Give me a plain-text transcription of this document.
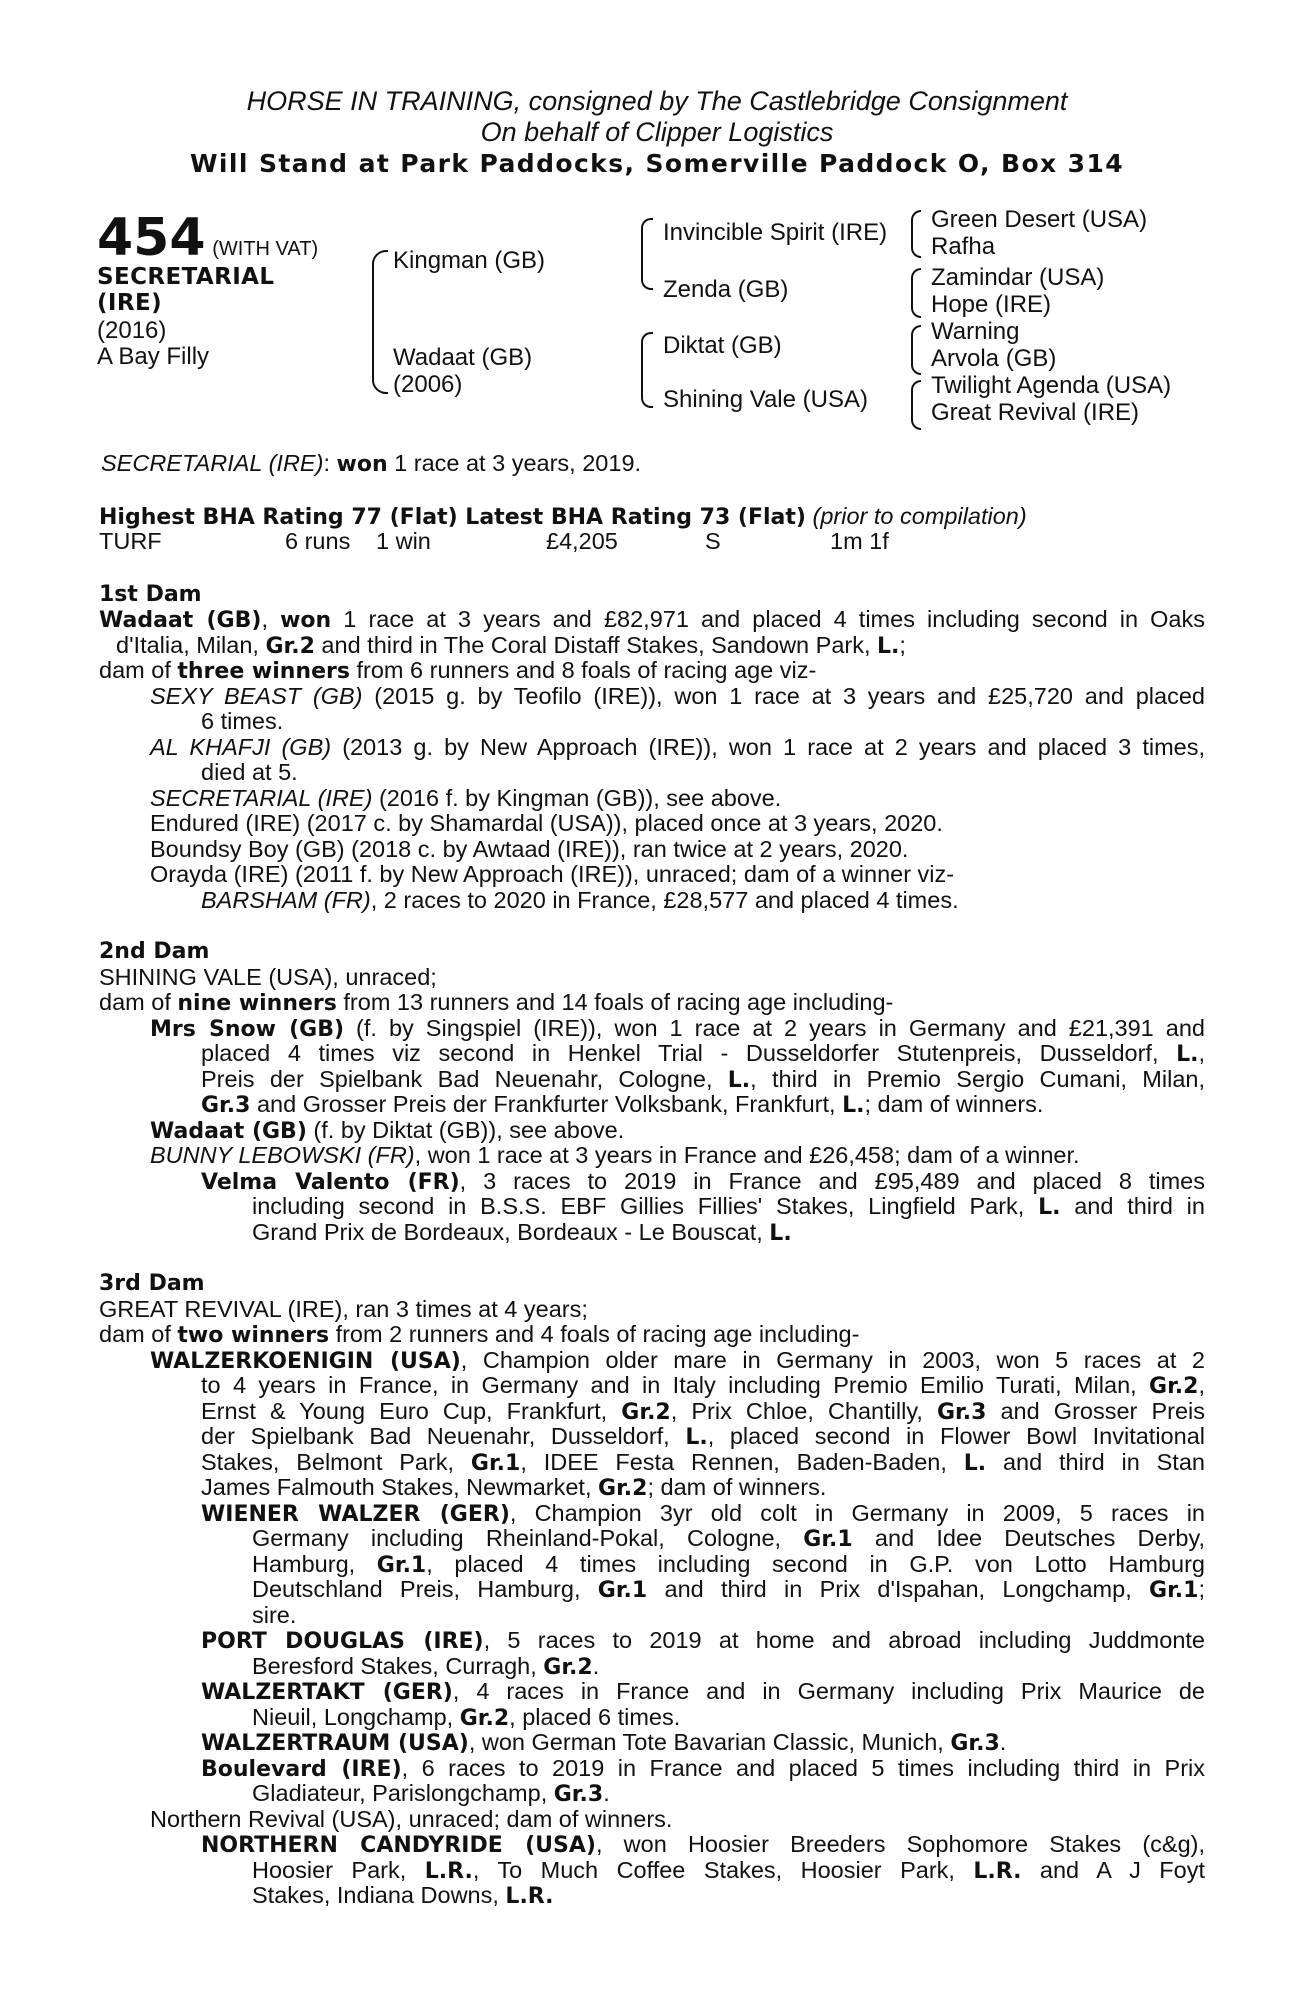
HORSE IN TRAINING, consigned by The Castlebridge Consignment
On behalf of Clipper Logistics
Will Stand at Park Paddocks, Somerville Paddock O, Box 314
454 (WITH VAT)
SECRETARIAL
(IRE)
(2016)
A Bay Filly
Kingman (GB)
Wadaat (GB)
(2006)
Invincible Spirit (IRE)
Zenda (GB)
Diktat (GB)
Shining Vale (USA)
Green Desert (USA)
Rafha
Zamindar (USA)
Hope (IRE)
Warning
Arvola (GB)
Twilight Agenda (USA)
Great Revival (IRE)
SECRETARIAL (IRE): won 1 race at 3 years, 2019.
Highest BHA Rating 77 (Flat) Latest BHA Rating 73 (Flat) (prior to compilation)
TURF	6 runs 1 win	£4,205	S	1m 1f
1st Dam
Wadaat (GB), won 1 race at 3 years and £82,971 and placed 4 times including second in Oaks
d'Italia, Milan, Gr.2 and third in The Coral Distaff Stakes, Sandown Park, L.;
dam of three winners from 6 runners and 8 foals of racing age viz-
SEXY BEAST (GB) (2015 g. by Teofilo (IRE)), won 1 race at 3 years and £25,720 and placed
6 times.
AL KHAFJI (GB) (2013 g. by New Approach (IRE)), won 1 race at 2 years and placed 3 times,
died at 5.
SECRETARIAL (IRE) (2016 f. by Kingman (GB)), see above.
Endured (IRE) (2017 c. by Shamardal (USA)), placed once at 3 years, 2020.
Boundsy Boy (GB) (2018 c. by Awtaad (IRE)), ran twice at 2 years, 2020.
Orayda (IRE) (2011 f. by New Approach (IRE)), unraced; dam of a winner viz-
BARSHAM (FR), 2 races to 2020 in France, £28,577 and placed 4 times.
2nd Dam
SHINING VALE (USA), unraced;
dam of nine winners from 13 runners and 14 foals of racing age including-
Mrs Snow (GB) (f. by Singspiel (IRE)), won 1 race at 2 years in Germany and £21,391 and
placed 4 times viz second in Henkel Trial - Dusseldorfer Stutenpreis, Dusseldorf, L.,
Preis der Spielbank Bad Neuenahr, Cologne, L., third in Premio Sergio Cumani, Milan,
Gr.3 and Grosser Preis der Frankfurter Volksbank, Frankfurt, L.; dam of winners.
Wadaat (GB) (f. by Diktat (GB)), see above.
BUNNY LEBOWSKI (FR), won 1 race at 3 years in France and £26,458; dam of a winner.
Velma Valento (FR), 3 races to 2019 in France and £95,489 and placed 8 times
including second in B.S.S. EBF Gillies Fillies' Stakes, Lingfield Park, L. and third in
Grand Prix de Bordeaux, Bordeaux - Le Bouscat, L.
3rd Dam
GREAT REVIVAL (IRE), ran 3 times at 4 years;
dam of two winners from 2 runners and 4 foals of racing age including-
WALZERKOENIGIN (USA), Champion older mare in Germany in 2003, won 5 races at 2
to 4 years in France, in Germany and in Italy including Premio Emilio Turati, Milan, Gr.2,
Ernst & Young Euro Cup, Frankfurt, Gr.2, Prix Chloe, Chantilly, Gr.3 and Grosser Preis
der Spielbank Bad Neuenahr, Dusseldorf, L., placed second in Flower Bowl Invitational
Stakes, Belmont Park, Gr.1, IDEE Festa Rennen, Baden-Baden, L. and third in Stan
James Falmouth Stakes, Newmarket, Gr.2; dam of winners.
WIENER WALZER (GER), Champion 3yr old colt in Germany in 2009, 5 races in
Germany including Rheinland-Pokal, Cologne, Gr.1 and Idee Deutsches Derby,
Hamburg, Gr.1, placed 4 times including second in G.P. von Lotto Hamburg
Deutschland Preis, Hamburg, Gr.1 and third in Prix d'Ispahan, Longchamp, Gr.1;
sire.
PORT DOUGLAS (IRE), 5 races to 2019 at home and abroad including Juddmonte
Beresford Stakes, Curragh, Gr.2.
WALZERTAKT (GER), 4 races in France and in Germany including Prix Maurice de
Nieuil, Longchamp, Gr.2, placed 6 times.
WALZERTRAUM (USA), won German Tote Bavarian Classic, Munich, Gr.3.
Boulevard (IRE), 6 races to 2019 in France and placed 5 times including third in Prix
Gladiateur, Parislongchamp, Gr.3.
Northern Revival (USA), unraced; dam of winners.
NORTHERN CANDYRIDE (USA), won Hoosier Breeders Sophomore Stakes (c&g),
Hoosier Park, L.R., To Much Coffee Stakes, Hoosier Park, L.R. and A J Foyt
Stakes, Indiana Downs, L.R.
